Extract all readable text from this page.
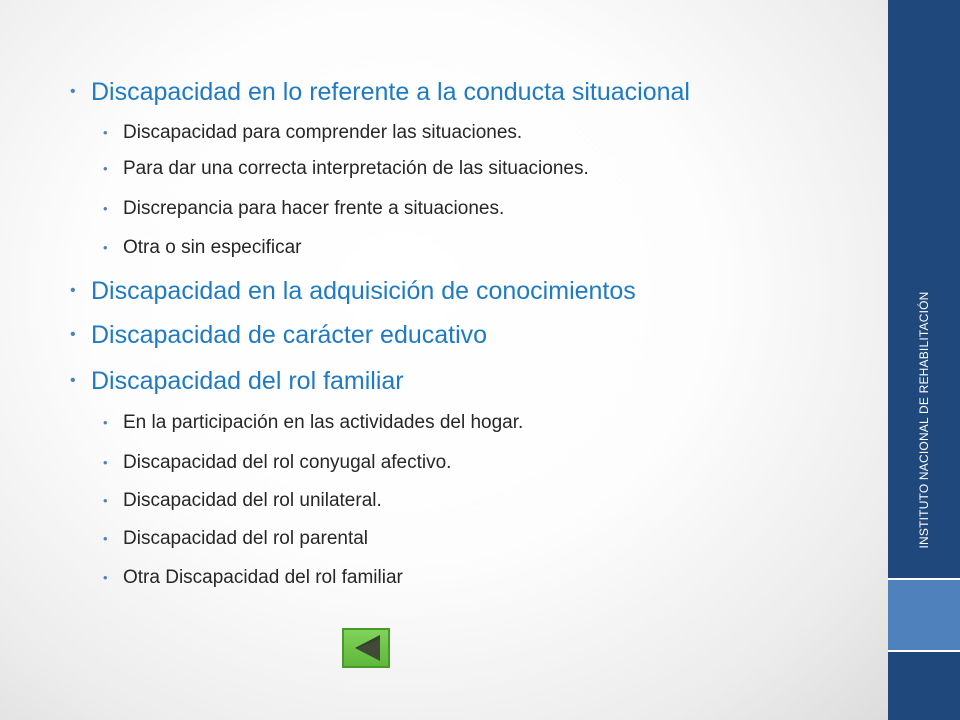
INSTITUTO NACIONAL DE REHABILITACIÓN
• Discapacidad en lo referente a la conducta situacional
• Discapacidad para comprender las situaciones.
• Para dar una correcta interpretación de las situaciones.
• Discrepancia para hacer frente a situaciones.
• Otra o sin especificar
• Discapacidad en la adquisición de conocimientos
• Discapacidad de carácter educativo
• Discapacidad del rol familiar
• En la participación en las actividades del hogar.
• Discapacidad del rol conyugal afectivo.
• Discapacidad del rol unilateral.
• Discapacidad del rol parental
• Otra Discapacidad del rol familiar
